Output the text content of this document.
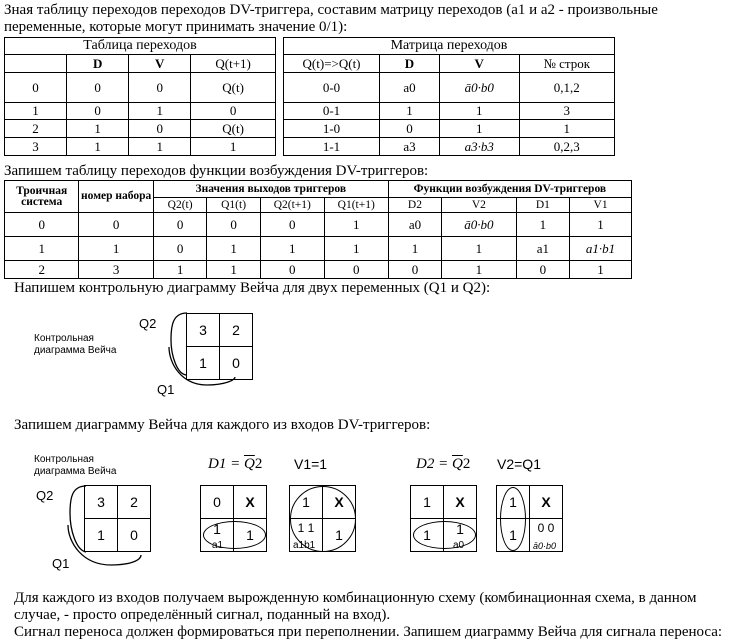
Зная таблицу переходов переходов DV-триггера, составим матрицу переходов (a1 и a2 - произвольные
переменные, которые могут принимать значение 0/1):
Таблица переходов			
	D	V	Q(t+1)
0	0	0	Q(t)
1	0	1	0
2	1	0	Q(t)
3	1	1	1
Матрица переходов			
Q(t)=>Q(t)	D	V	№ строк
0-0	a0	ā0·b0	0,1,2
0-1	1	1	3
1-0	0	1	1
1-1	a3	a3·b3	0,2,3
Запишем таблицу переходов функции возбуждения DV-триггеров:
Троичная система	номер набора	Значения выходов триггеров				Функции возбуждения DV-триггеров			
		Q2(t)	Q1(t)	Q2(t+1)	Q1(t+1)	D2	V2	D1	V1
0	0	0	0	0	1	a0	ā0·b0	1	1
1	1	0	1	1	1	1	1	a1	a1·b1
2	3	1	1	0	0	0	1	0	1
Напишем контрольную диаграмму Вейча для двух переменных (Q1 и Q2):
Контрольная диаграмма Вейча
Q2
Q1
3	2
1	0
Запишем диаграмму Вейча для каждого из входов DV-триггеров:
Контрольная диаграмма Вейча
Q2
Q1
3	2
1	0
$D1 = \overline{Q}2$
0	X
1	1
a1
V1=1
1	X
1 1	1
a1b1
$D2 = \overline{Q}2$
1	X
1	1
a0
V2=Q1
1	X
1	0 0
ā0·b0
Для каждого из входов получаем вырожденную комбинационную схему (комбинационная схема, в данном
случае, - просто определённый сигнал, поданный на вход).
Сигнал переноса должен формироваться при переполнении. Запишем диаграмму Вейча для сигнала переноса:
